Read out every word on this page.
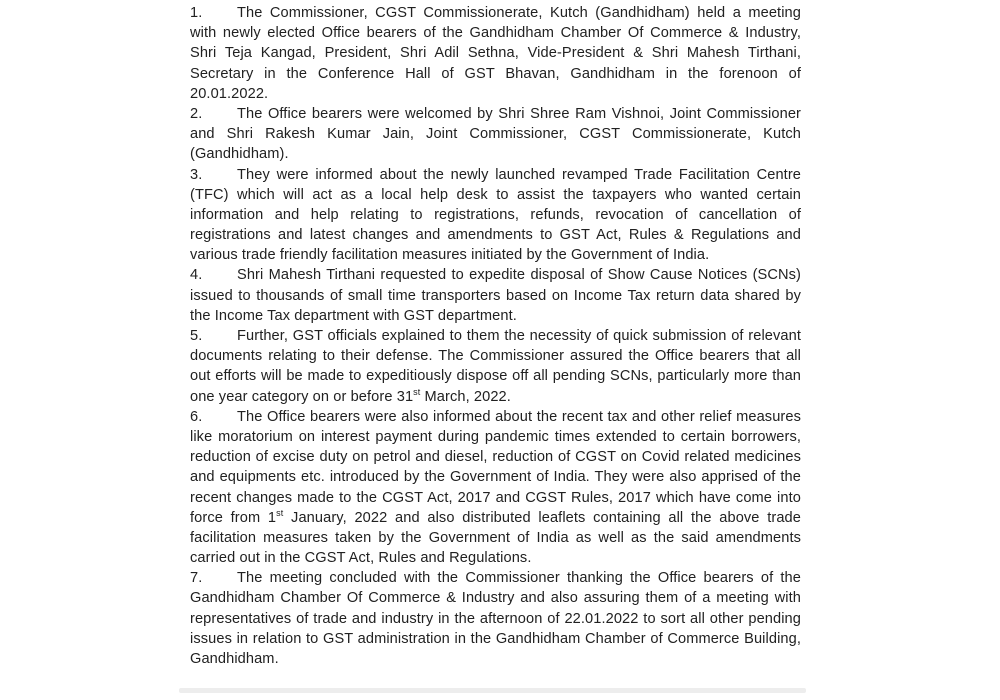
1. The Commissioner, CGST Commissionerate, Kutch (Gandhidham) held a meeting with newly elected Office bearers of the Gandhidham Chamber Of Commerce & Industry, Shri Teja Kangad, President, Shri Adil Sethna, Vide-President & Shri Mahesh Tirthani, Secretary in the Conference Hall of GST Bhavan, Gandhidham in the forenoon of 20.01.2022.

2. The Office bearers were welcomed by Shri Shree Ram Vishnoi, Joint Commissioner and Shri Rakesh Kumar Jain, Joint Commissioner, CGST Commissionerate, Kutch (Gandhidham).

3. They were informed about the newly launched revamped Trade Facilitation Centre (TFC) which will act as a local help desk to assist the taxpayers who wanted certain information and help relating to registrations, refunds, revocation of cancellation of registrations and latest changes and amendments to GST Act, Rules & Regulations and various trade friendly facilitation measures initiated by the Government of India.

4. Shri Mahesh Tirthani requested to expedite disposal of Show Cause Notices (SCNs) issued to thousands of small time transporters based on Income Tax return data shared by the Income Tax department with GST department.

5. Further, GST officials explained to them the necessity of quick submission of relevant documents relating to their defense. The Commissioner assured the Office bearers that all out efforts will be made to expeditiously dispose off all pending SCNs, particularly more than one year category on or before 31st March, 2022.

6. The Office bearers were also informed about the recent tax and other relief measures like moratorium on interest payment during pandemic times extended to certain borrowers, reduction of excise duty on petrol and diesel, reduction of CGST on Covid related medicines and equipments etc. introduced by the Government of India. They were also apprised of the recent changes made to the CGST Act, 2017 and CGST Rules, 2017 which have come into force from 1st January, 2022 and also distributed leaflets containing all the above trade facilitation measures taken by the Government of India as well as the said amendments carried out in the CGST Act, Rules and Regulations.

7. The meeting concluded with the Commissioner thanking the Office bearers of the Gandhidham Chamber Of Commerce & Industry and also assuring them of a meeting with representatives of trade and industry in the afternoon of 22.01.2022 to sort all other pending issues in relation to GST administration in the Gandhidham Chamber of Commerce Building, Gandhidham.
